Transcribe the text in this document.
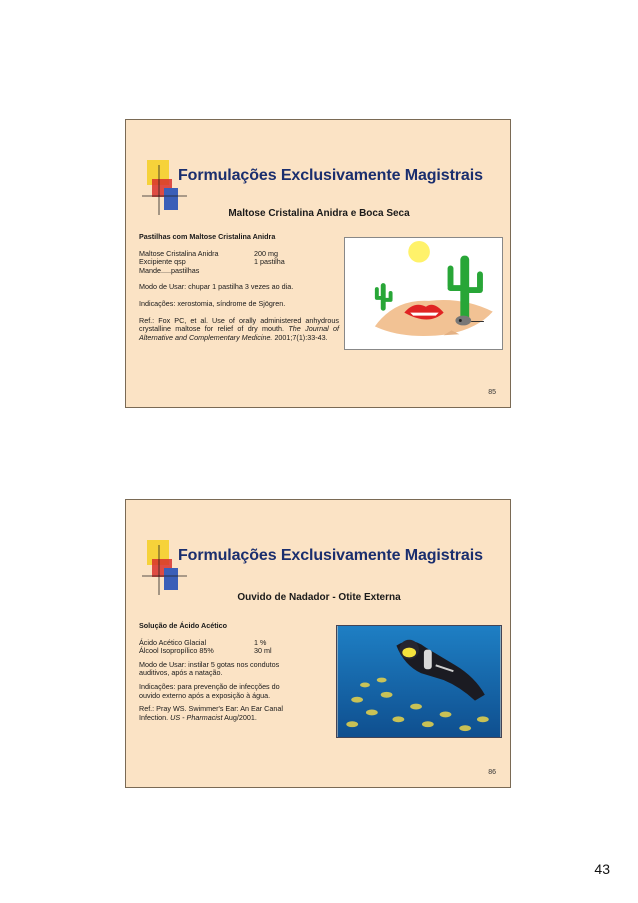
Formulações Exclusivamente Magistrais
Maltose Cristalina Anidra e Boca Seca

Pastilhas com Maltose Cristalina Anidra

Maltose Cristalina Anidra	200 mg
Excipiente qsp	1 pastilha

Mande.....pastilhas

Modo de Usar: chupar 1 pastilha 3 vezes ao dia.

Indicações: xerostomia, síndrome de Sjögren.

Ref.: Fox PC, et al. Use of orally administered anhydrous crystalline maltose for relief of dry mouth. The Journal of Alternative and Complementary Medicine. 2001;7(1):33-43.

85
Formulações Exclusivamente Magistrais
Ouvido de Nadador - Otite Externa

Solução de Ácido Acético

Ácido Acético Glacial	1 %
Álcool Isopropílico 85%	30 ml

Modo de Usar: instilar 5 gotas nos condutos auditivos, após a natação.

Indicações: para prevenção de infecções do ouvido externo após a exposição à água.

Ref.: Pray WS. Swimmer's Ear: An Ear Canal Infection. US - Pharmacist Aug/2001.

86
43
